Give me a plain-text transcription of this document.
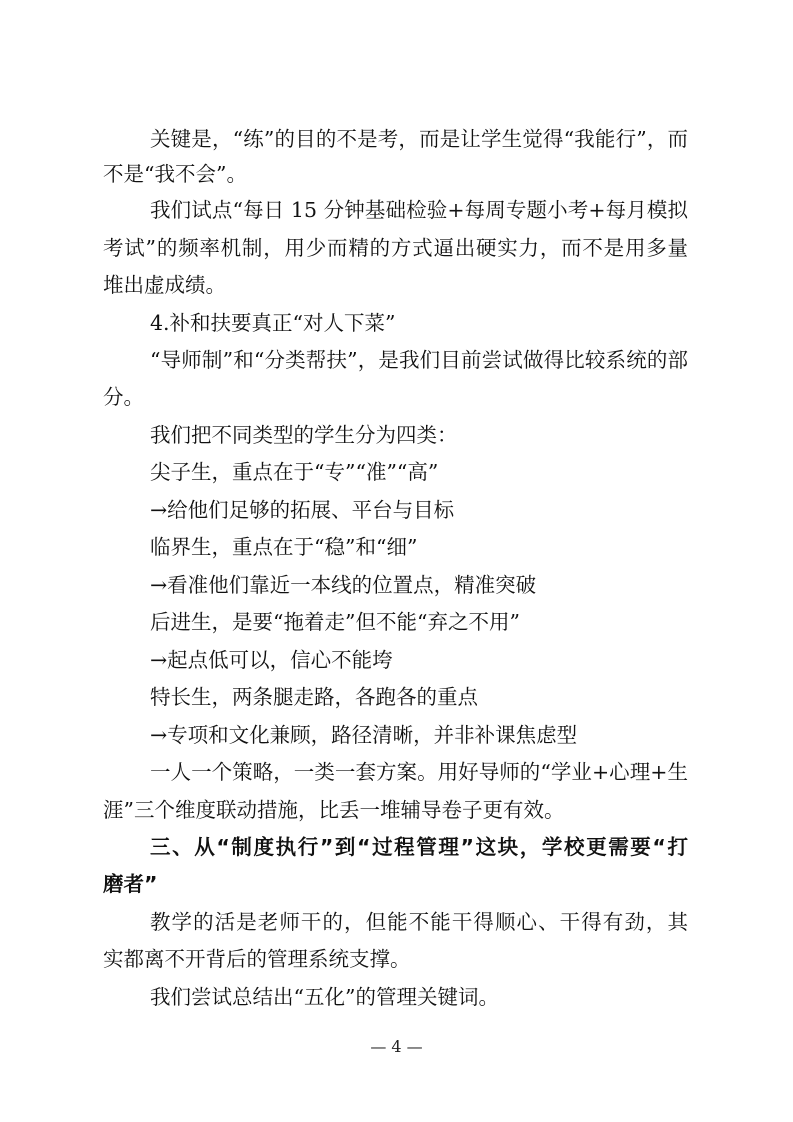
关键是，“练”的目的不是考，而是让学生觉得“我能行”，而
不是“我不会”。
我们试点“每日 15 分钟基础检验+每周专题小考+每月模拟
考试”的频率机制，用少而精的方式逼出硬实力，而不是用多量
堆出虚成绩。
4.补和扶要真正“对人下菜”
“导师制”和“分类帮扶”，是我们目前尝试做得比较系统的部
分。
我们把不同类型的学生分为四类：
尖子生，重点在于“专”“准”“高”
→给他们足够的拓展、平台与目标
临界生，重点在于“稳”和“细”
→看准他们靠近一本线的位置点，精准突破
后进生，是要“拖着走”但不能“弃之不用”
→起点低可以，信心不能垮
特长生，两条腿走路，各跑各的重点
→专项和文化兼顾，路径清晰，并非补课焦虑型
一人一个策略，一类一套方案。用好导师的“学业+心理+生
涯”三个维度联动措施，比丢一堆辅导卷子更有效。
三、从“制度执行”到“过程管理”这块，学校更需要“打
磨者”
教学的活是老师干的，但能不能干得顺心、干得有劲，其
实都离不开背后的管理系统支撑。
我们尝试总结出“五化”的管理关键词。
— 4 —
